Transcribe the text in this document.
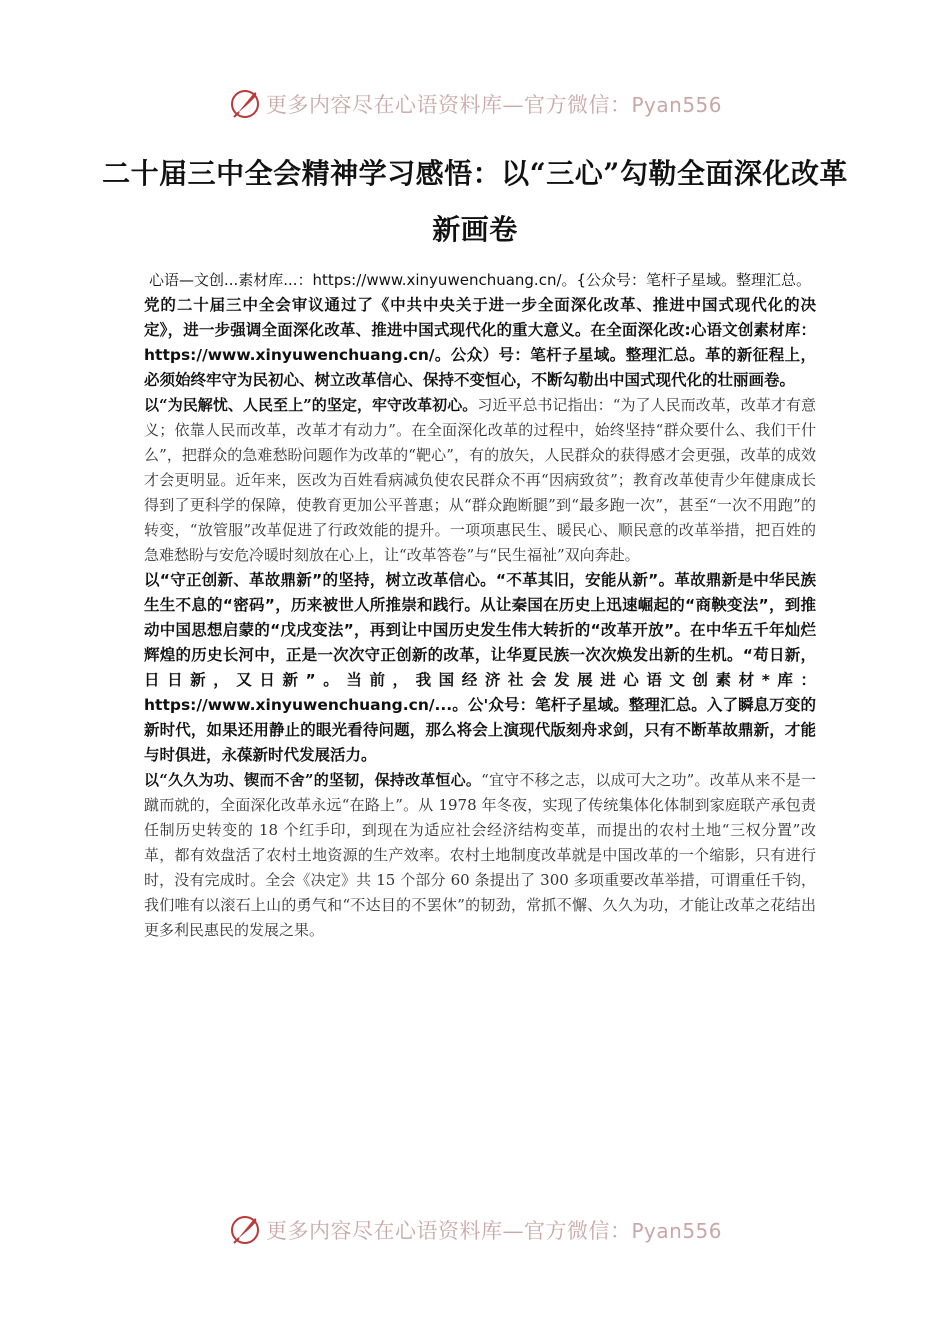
更多内容尽在心语资料库—官方微信：Pyan556
二十届三中全会精神学习感悟：以“三心”勾勒全面深化改革新画卷

心语—文创...素材库...：https://www.xinyuwenchuang.cn/。{公众号：笔杆子星域。整理汇总。

党的二十届三中全会审议通过了《中共中央关于进一步全面深化改革、推进中国式现代化的决定》，进一步强调全面深化改革、推进中国式现代化的重大意义。在全面深化改:心语文创素材库：https://www.xinyuwenchuang.cn/。公众）号：笔杆子星域。整理汇总。革的新征程上，必须始终牢守为民初心、树立改革信心、保持不变恒心，不断勾勒出中国式现代化的壮丽画卷。

以“为民解忧、人民至上”的坚定，牢守改革初心。习近平总书记指出：“为了人民而改革，改革才有意义；依靠人民而改革，改革才有动力”。在全面深化改革的过程中，始终坚持“群众要什么、我们干什么”，把群众的急难愁盼问题作为改革的“靶心”，有的放矢，人民群众的获得感才会更强，改革的成效才会更明显。近年来，医改为百姓看病减负使农民群众不再“因病致贫”；教育改革使青少年健康成长得到了更科学的保障，使教育更加公平普惠；从“群众跑断腿”到“最多跑一次”，甚至“一次不用跑”的转变，“放管服”改革促进了行政效能的提升。一项项惠民生、暖民心、顺民意的改革举措，把百姓的急难愁盼与安危冷暖时刻放在心上，让“改革答卷”与“民生福祉”双向奔赴。

以“守正创新、革故鼎新”的坚持，树立改革信心。“不革其旧，安能从新”。革故鼎新是中华民族生生不息的“密码”，历来被世人所推崇和践行。从让秦国在历史上迅速崛起的“商鞅变法”，到推动中国思想启蒙的“戊戌变法”，再到让中国历史发生伟大转折的“改革开放”。在中华五千年灿烂辉煌的历史长河中，正是一次次守正创新的改革，让华夏民族一次次焕发出新的生机。“苟日新，日日新，又日新”。当前，我国经济社会发展进心语文创素材*库：https://www.xinyuwenchuang.cn/...。公'众号：笔杆子星域。整理汇总。入了瞬息万变的新时代，如果还用静止的眼光看待问题，那么将会上演现代版刻舟求剑，只有不断革故鼎新，才能与时俱进，永葆新时代发展活力。

以“久久为功、锲而不舍”的坚韧，保持改革恒心。“宜守不移之志，以成可大之功”。改革从来不是一蹴而就的，全面深化改革永远“在路上”。从 1978 年冬夜，实现了传统集体化体制到家庭联产承包责任制历史转变的 18 个红手印，到现在为适应社会经济结构变革，而提出的农村土地“三权分置”改革，都有效盘活了农村土地资源的生产效率。农村土地制度改革就是中国改革的一个缩影，只有进行时，没有完成时。全会《决定》共 15 个部分 60 条提出了 300 多项重要改革举措，可谓重任千钧，我们唯有以滚石上山的勇气和“不达目的不罢休”的韧劲，常抓不懈、久久为功，才能让改革之花结出更多利民惠民的发展之果。

更多内容尽在心语资料库—官方微信：Pyan556
